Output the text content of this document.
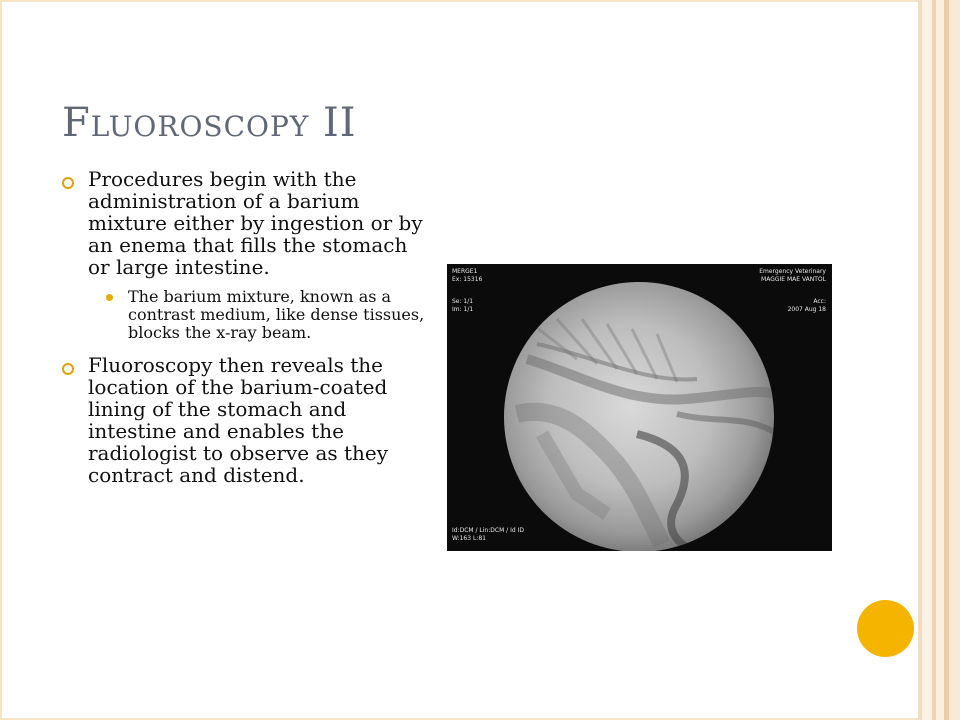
Fluoroscopy II
Procedures begin with the administration of a barium mixture either by ingestion or by an enema that fills the stomach or large intestine.
The barium mixture, known as a contrast medium, like dense tissues, blocks the x-ray beam.
Fluoroscopy then reveals the location of the barium-coated lining of the stomach and intestine and enables the radiologist to observe as they contract and distend.
MERGE1
Ex: 15316
Se: 1/1
Im: 1/1
Emergency Veterinary
MAGGIE MAE VANTOL
Acc:
2007 Aug 18
Id:DCM / Lin:DCM / Id ID
W:163 L:81
